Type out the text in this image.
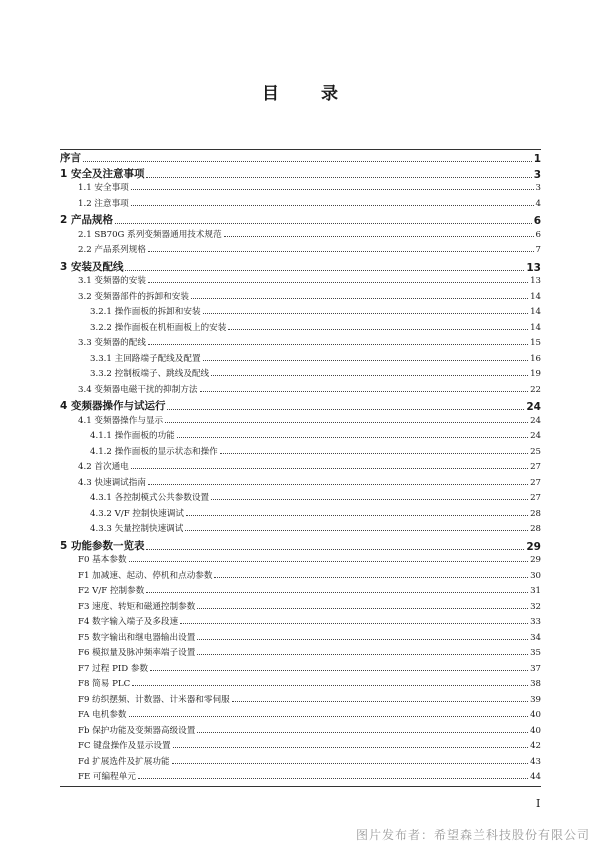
目 录
序言	1
1 安全及注意事项	3
1.1 安全事项	3
1.2 注意事项	4
2 产品规格	6
2.1 SB70G 系列变频器通用技术规范	6
2.2 产品系列规格	7
3 安装及配线	13
3.1 变频器的安装	13
3.2 变频器部件的拆卸和安装	14
3.2.1 操作面板的拆卸和安装	14
3.2.2 操作面板在机柜面板上的安装	14
3.3 变频器的配线	15
3.3.1 主回路端子配线及配置	16
3.3.2 控制板端子、跳线及配线	19
3.4 变频器电磁干扰的抑制方法	22
4 变频器操作与试运行	24
4.1 变频器操作与显示	24
4.1.1 操作面板的功能	24
4.1.2 操作面板的显示状态和操作	25
4.2 首次通电	27
4.3 快速调试指南	27
4.3.1 各控制模式公共参数设置	27
4.3.2 V/F 控制快速调试	28
4.3.3 矢量控制快速调试	28
5 功能参数一览表	29
F0 基本参数	29
F1 加减速、起动、停机和点动参数	30
F2 V/F 控制参数	31
F3 速度、转矩和磁通控制参数	32
F4 数字输入端子及多段速	33
F5 数字输出和继电器输出设置	34
F6 模拟量及脉冲频率端子设置	35
F7 过程 PID 参数	37
F8 简易 PLC	38
F9 纺织摆频、计数器、计米器和零伺服	39
FA 电机参数	40
Fb 保护功能及变频器高级设置	40
FC 键盘操作及显示设置	42
Fd 扩展选件及扩展功能	43
FE 可编程单元	44
I
图片发布者：希望森兰科技股份有限公司
